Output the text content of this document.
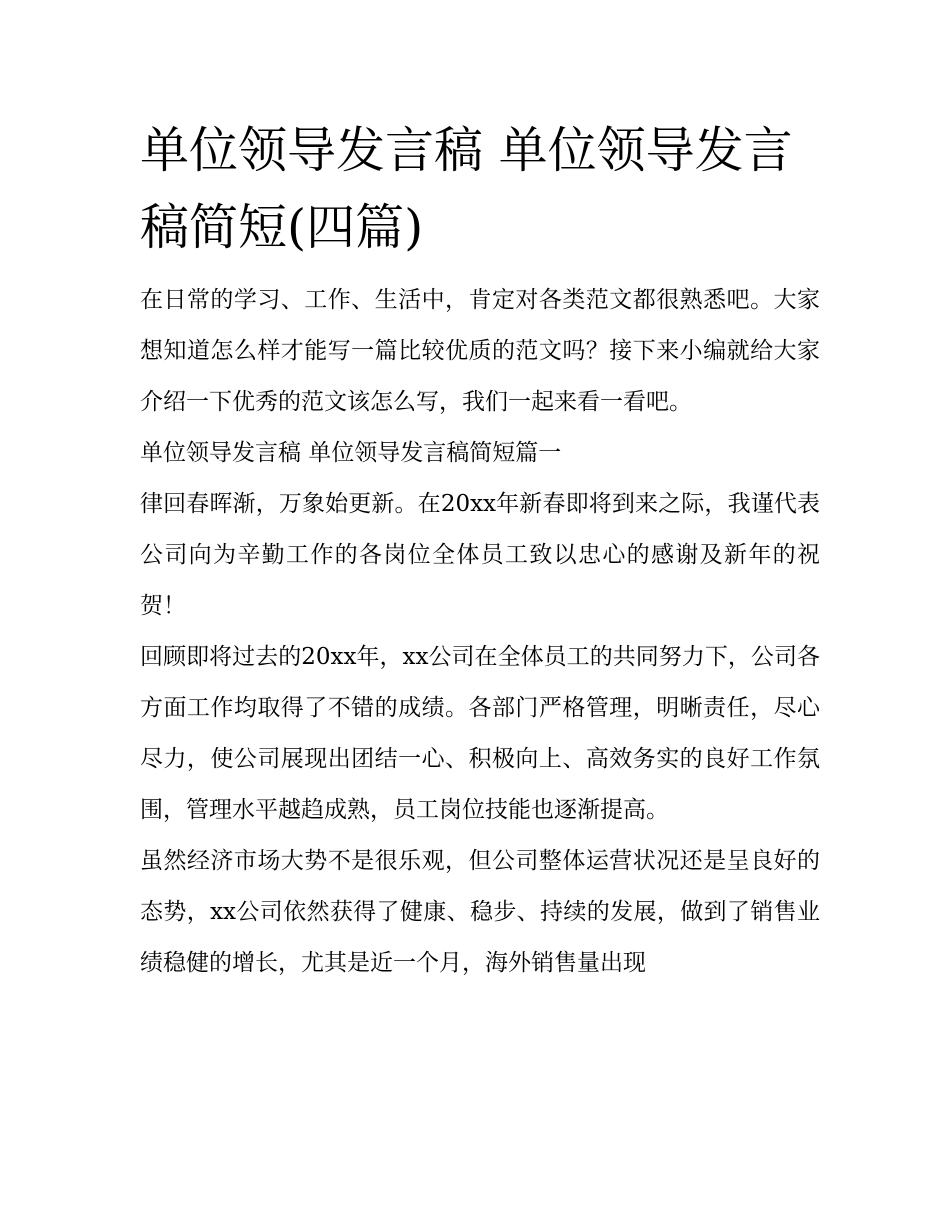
单位领导发言稿 单位领导发言稿简短(四篇)

在日常的学习、工作、生活中，肯定对各类范文都很熟悉吧。大家想知道怎么样才能写一篇比较优质的范文吗？接下来小编就给大家介绍一下优秀的范文该怎么写，我们一起来看一看吧。

单位领导发言稿 单位领导发言稿简短篇一

律回春晖渐，万象始更新。在20xx年新春即将到来之际，我谨代表公司向为辛勤工作的各岗位全体员工致以忠心的感谢及新年的祝贺！

回顾即将过去的20xx年，xx公司在全体员工的共同努力下，公司各方面工作均取得了不错的成绩。各部门严格管理，明晰责任，尽心尽力，使公司展现出团结一心、积极向上、高效务实的良好工作氛围，管理水平越趋成熟，员工岗位技能也逐渐提高。

虽然经济市场大势不是很乐观，但公司整体运营状况还是呈良好的态势，xx公司依然获得了健康、稳步、持续的发展，做到了销售业绩稳健的增长，尤其是近一个月，海外销售量出现
